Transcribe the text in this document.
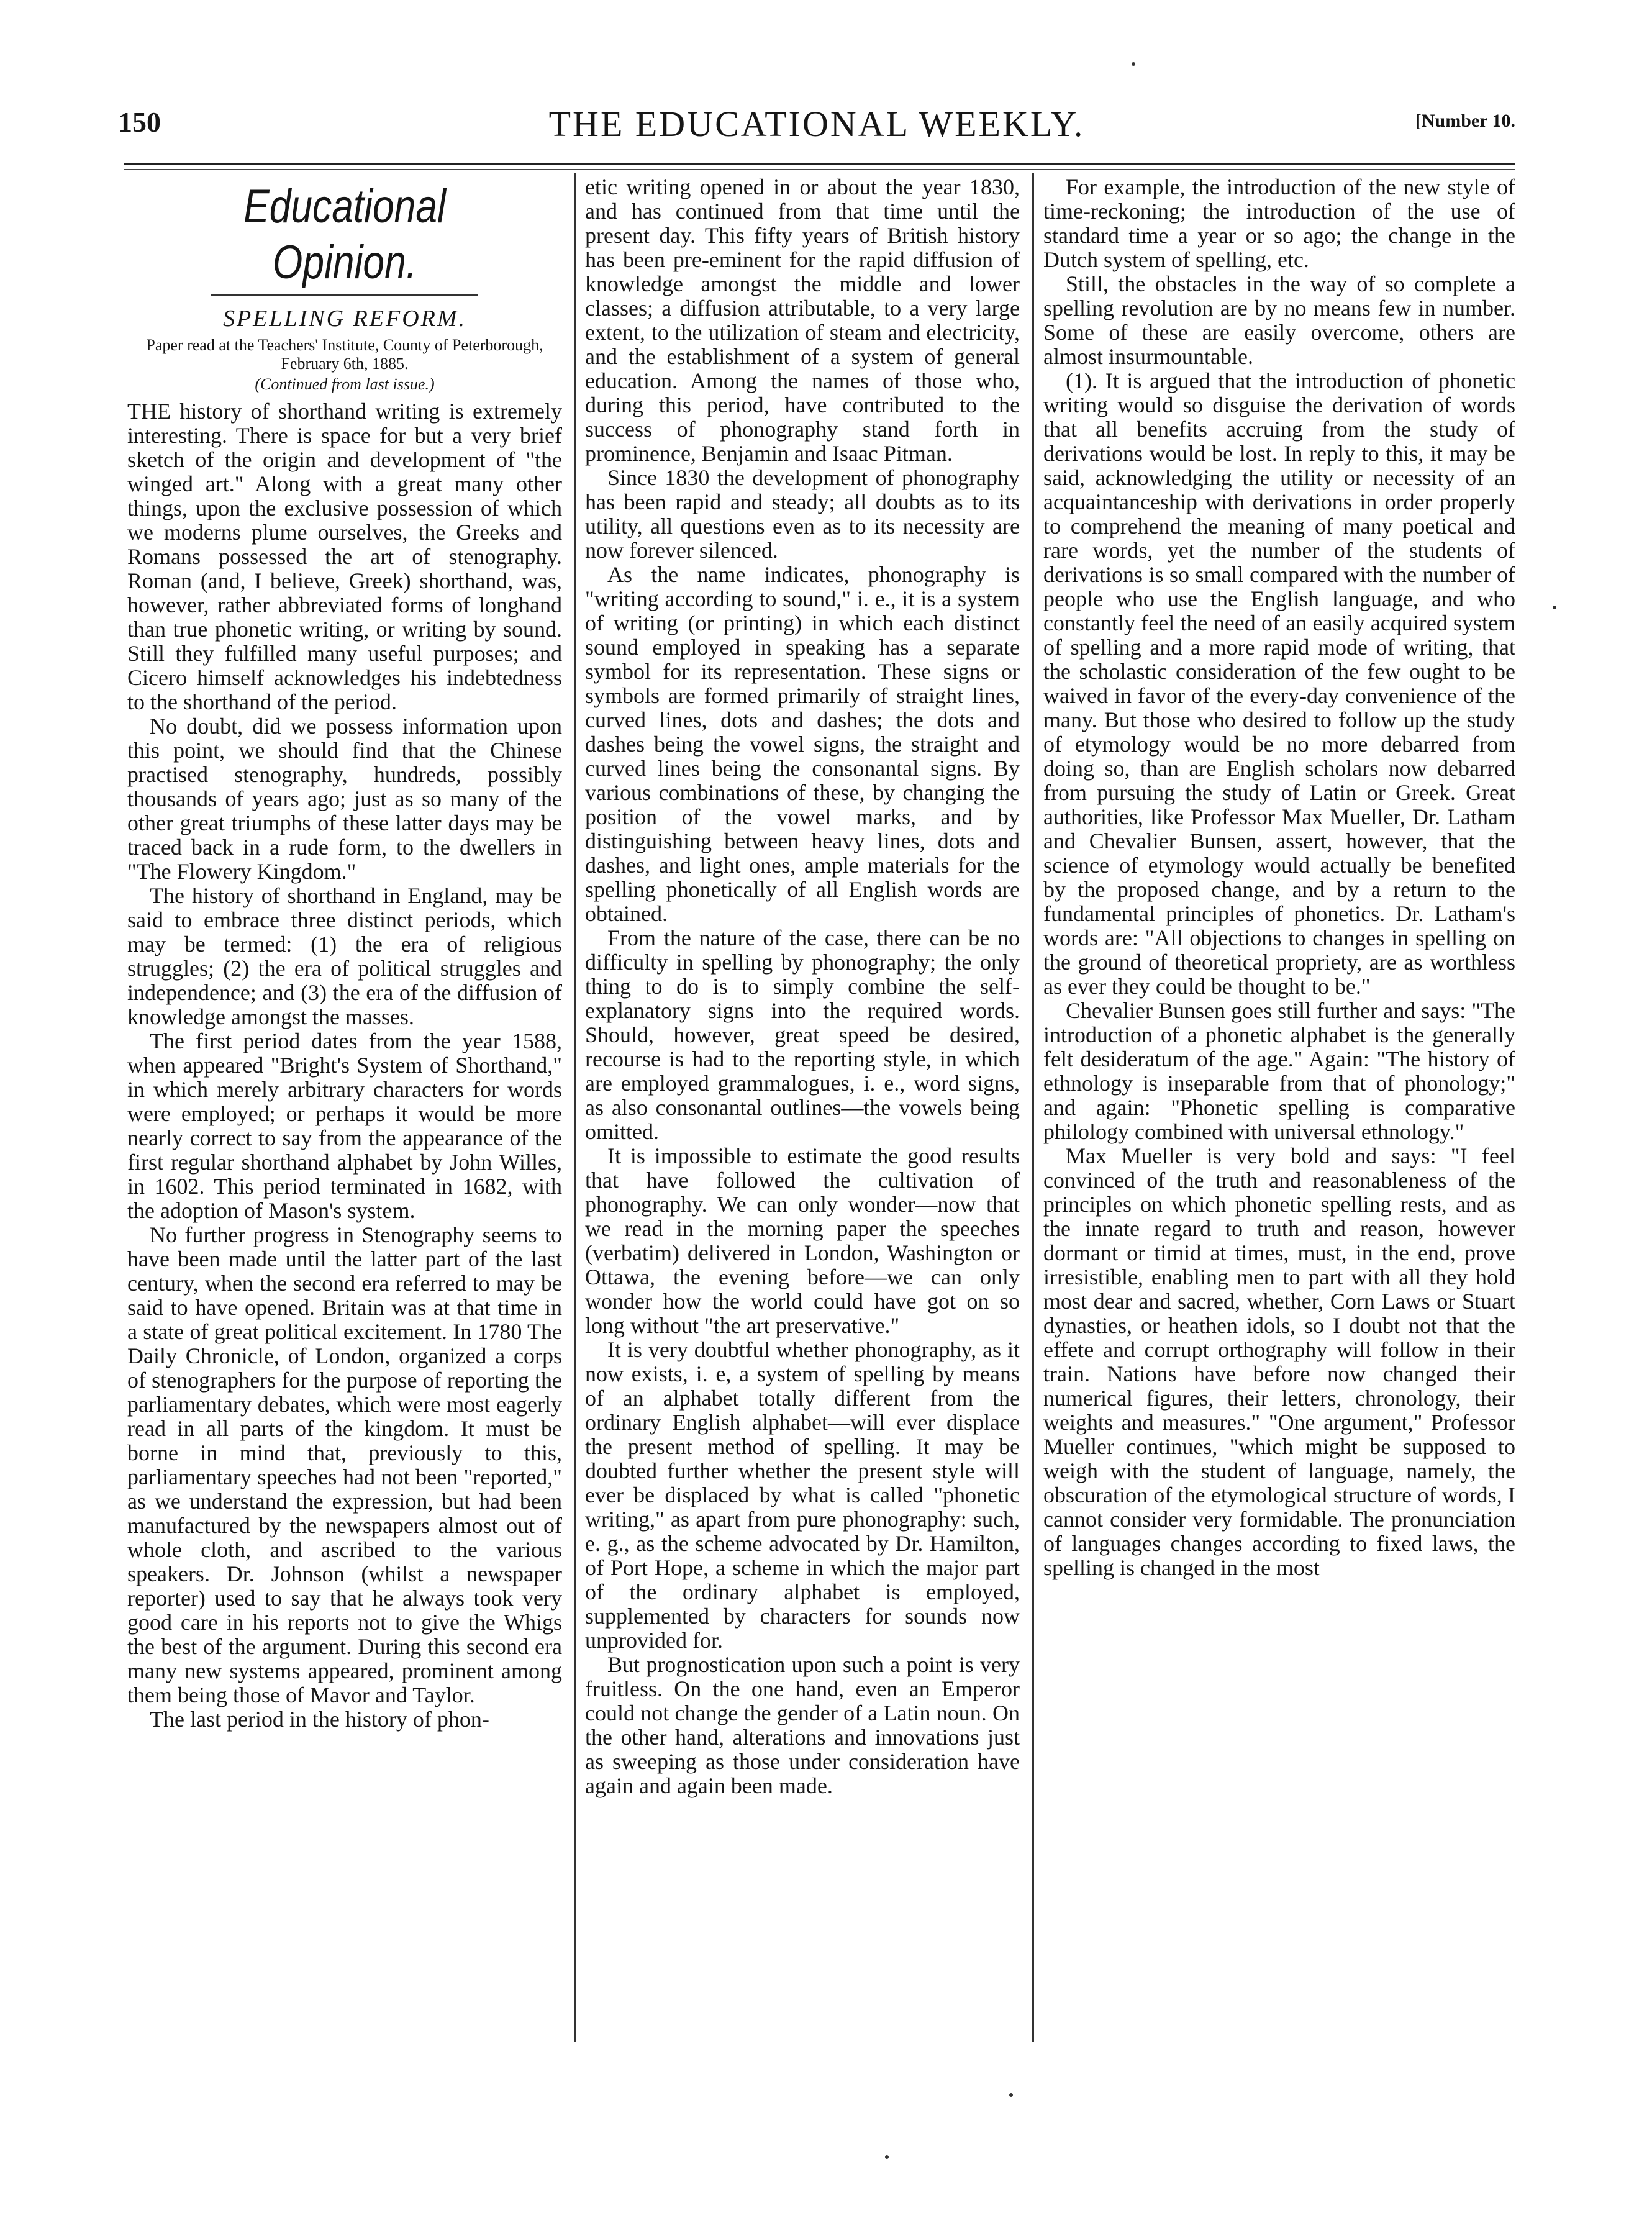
150	THE EDUCATIONAL WEEKLY.	[Number 10.
Educational Opinion.
SPELLING REFORM.
Paper read at the Teachers' Institute, County of Peterborough, February 6th, 1885.
(Continued from last issue.)

THE history of shorthand writing is extremely interesting. There is space for but a very brief sketch of the origin and development of "the winged art." Along with a great many other things, upon the exclusive possession of which we moderns plume ourselves, the Greeks and Romans possessed the art of stenography. Roman (and, I believe, Greek) shorthand, was, however, rather abbreviated forms of longhand than true phonetic writing, or writing by sound. Still they fulfilled many useful purposes; and Cicero himself acknowledges his indebtedness to the shorthand of the period.

No doubt, did we possess information upon this point, we should find that the Chinese practised stenography, hundreds, possibly thousands of years ago; just as so many of the other great triumphs of these latter days may be traced back in a rude form, to the dwellers in "The Flowery Kingdom."

The history of shorthand in England, may be said to embrace three distinct periods, which may be termed: (1) the era of religious struggles; (2) the era of political struggles and independence; and (3) the era of the diffusion of knowledge amongst the masses.

The first period dates from the year 1588, when appeared "Bright's System of Shorthand," in which merely arbitrary characters for words were employed; or perhaps it would be more nearly correct to say from the appearance of the first regular shorthand alphabet by John Willes, in 1602. This period terminated in 1682, with the adoption of Mason's system.

No further progress in Stenography seems to have been made until the latter part of the last century, when the second era referred to may be said to have opened. Britain was at that time in a state of great political excitement. In 1780 The Daily Chronicle, of London, organized a corps of stenographers for the purpose of reporting the parliamentary debates, which were most eagerly read in all parts of the kingdom. It must be borne in mind that, previously to this, parliamentary speeches had not been "reported," as we understand the expression, but had been manufactured by the newspapers almost out of whole cloth, and ascribed to the various speakers. Dr. Johnson (whilst a newspaper reporter) used to say that he always took very good care in his reports not to give the Whigs the best of the argument. During this second era many new systems appeared, prominent among them being those of Mavor and Taylor.

The last period in the history of phon-

etic writing opened in or about the year 1830, and has continued from that time until the present day. This fifty years of British history has been pre-eminent for the rapid diffusion of knowledge amongst the middle and lower classes; a diffusion attributable, to a very large extent, to the utilization of steam and electricity, and the establishment of a system of general education. Among the names of those who, during this period, have contributed to the success of phonography stand forth in prominence, Benjamin and Isaac Pitman.

Since 1830 the development of phonography has been rapid and steady; all doubts as to its utility, all questions even as to its necessity are now forever silenced.

As the name indicates, phonography is "writing according to sound," i. e., it is a system of writing (or printing) in which each distinct sound employed in speaking has a separate symbol for its representation. These signs or symbols are formed primarily of straight lines, curved lines, dots and dashes; the dots and dashes being the vowel signs, the straight and curved lines being the consonantal signs. By various combinations of these, by changing the position of the vowel marks, and by distinguishing between heavy lines, dots and dashes, and light ones, ample materials for the spelling phonetically of all English words are obtained.

From the nature of the case, there can be no difficulty in spelling by phonography; the only thing to do is to simply combine the self-explanatory signs into the required words. Should, however, great speed be desired, recourse is had to the reporting style, in which are employed grammalogues, i. e., word signs, as also consonantal outlines—the vowels being omitted.

It is impossible to estimate the good results that have followed the cultivation of phonography. We can only wonder—now that we read in the morning paper the speeches (verbatim) delivered in London, Washington or Ottawa, the evening before—we can only wonder how the world could have got on so long without "the art preservative."

It is very doubtful whether phonography, as it now exists, i. e, a system of spelling by means of an alphabet totally different from the ordinary English alphabet—will ever displace the present method of spelling. It may be doubted further whether the present style will ever be displaced by what is called "phonetic writing," as apart from pure phonography: such, e. g., as the scheme advocated by Dr. Hamilton, of Port Hope, a scheme in which the major part of the ordinary alphabet is employed, supplemented by characters for sounds now unprovided for.

But prognostication upon such a point is very fruitless. On the one hand, even an Emperor could not change the gender of a Latin noun. On the other hand, alterations and innovations just as sweeping as those under consideration have again and again been made.

For example, the introduction of the new style of time-reckoning; the introduction of the use of standard time a year or so ago; the change in the Dutch system of spelling, etc.

Still, the obstacles in the way of so complete a spelling revolution are by no means few in number. Some of these are easily overcome, others are almost insurmountable.

(1). It is argued that the introduction of phonetic writing would so disguise the derivation of words that all benefits accruing from the study of derivations would be lost. In reply to this, it may be said, acknowledging the utility or necessity of an acquaintanceship with derivations in order properly to comprehend the meaning of many poetical and rare words, yet the number of the students of derivations is so small compared with the number of people who use the English language, and who constantly feel the need of an easily acquired system of spelling and a more rapid mode of writing, that the scholastic consideration of the few ought to be waived in favor of the every-day convenience of the many. But those who desired to follow up the study of etymology would be no more debarred from doing so, than are English scholars now debarred from pursuing the study of Latin or Greek. Great authorities, like Professor Max Mueller, Dr. Latham and Chevalier Bunsen, assert, however, that the science of etymology would actually be benefited by the proposed change, and by a return to the fundamental principles of phonetics. Dr. Latham's words are: "All objections to changes in spelling on the ground of theoretical propriety, are as worthless as ever they could be thought to be."

Chevalier Bunsen goes still further and says: "The introduction of a phonetic alphabet is the generally felt desideratum of the age." Again: "The history of ethnology is inseparable from that of phonology;" and again: "Phonetic spelling is comparative philology combined with universal ethnology."

Max Mueller is very bold and says: "I feel convinced of the truth and reasonableness of the principles on which phonetic spelling rests, and as the innate regard to truth and reason, however dormant or timid at times, must, in the end, prove irresistible, enabling men to part with all they hold most dear and sacred, whether, Corn Laws or Stuart dynasties, or heathen idols, so I doubt not that the effete and corrupt orthography will follow in their train. Nations have before now changed their numerical figures, their letters, chronology, their weights and measures." "One argument," Professor Mueller continues, "which might be supposed to weigh with the student of language, namely, the obscuration of the etymological structure of words, I cannot consider very formidable. The pronunciation of languages changes according to fixed laws, the spelling is changed in the most
